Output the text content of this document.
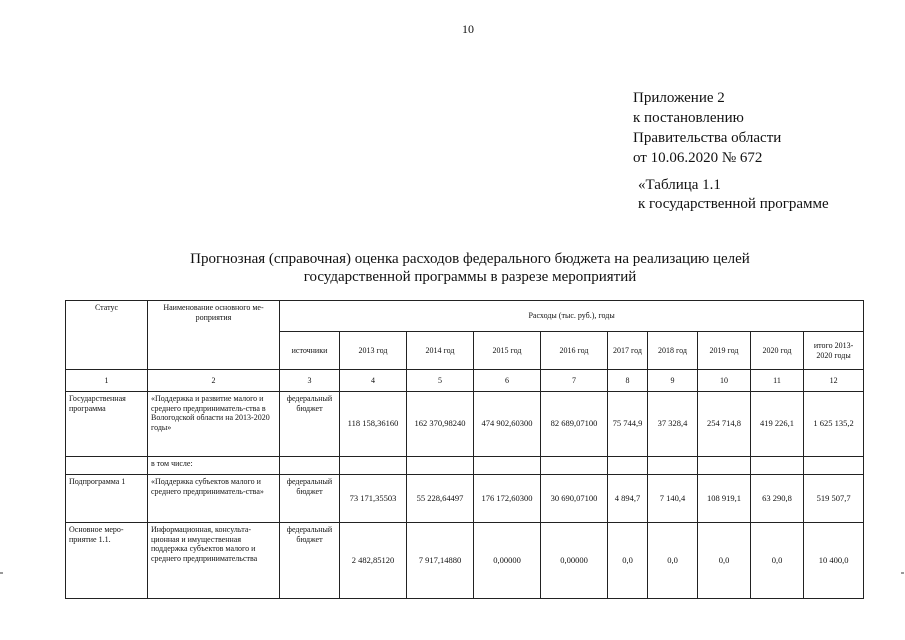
10
Приложение 2
к постановлению
Правительства области
от 10.06.2020 № 672
«Таблица 1.1
к государственной программе
Прогнозная (справочная) оценка расходов федерального бюджета на реализацию целей
государственной программы в разрезе мероприятий
Статус	Наименование основного ме-роприятия	Расходы (тыс. руб.), годы									
		источники	2013 год	2014 год	2015 год	2016 год	2017 год	2018 год	2019 год	2020 год	итого 2013-2020 годы
1	2	3	4	5	6	7	8	9	10	11	12
Государственная программа	«Поддержка и развитие малого и среднего предприниматель-ства в Вологодской области на 2013-2020 годы»	федеральный бюджет	118 158,36160	162 370,98240	474 902,60300	82 689,07100	75 744,9	37 328,4	254 714,8	419 226,1	1 625 135,2
	в том числе:										
Подпрограмма 1	«Поддержка субъектов малого и среднего предприниматель-ства»	федеральный бюджет	73 171,35503	55 228,64497	176 172,60300	30 690,07100	4 894,7	7 140,4	108 919,1	63 290,8	519 507,7
Основное меро-приятие 1.1.	Информационная, консульта-ционная и имущественная поддержка субъектов малого и среднего предпринимательства	федеральный бюджет	2 482,85120	7 917,14880	0,00000	0,00000	0,0	0,0	0,0	0,0	10 400,0
